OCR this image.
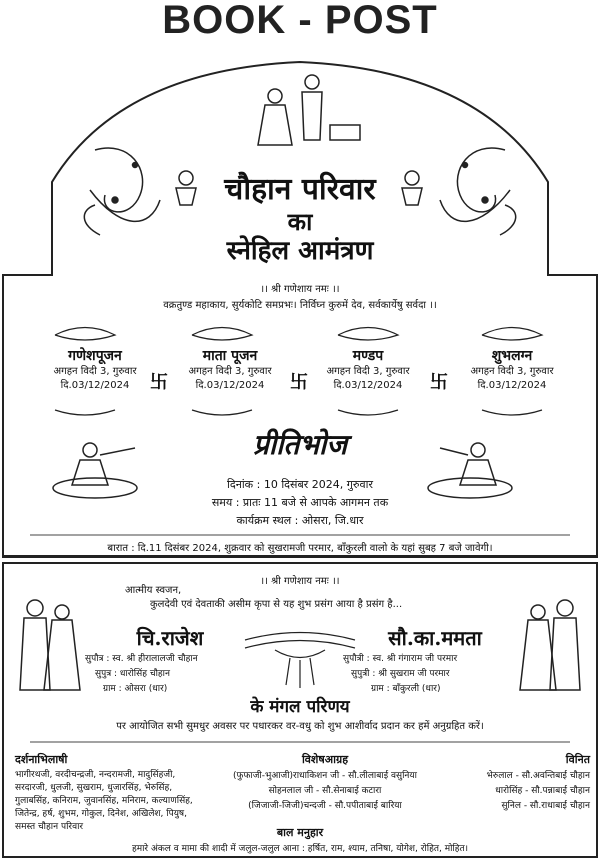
BOOK - POST
चौहान परिवार
का
स्नेहिल आमंत्रण
।। श्री गणेशाय नमः ।।
वक्रतुण्ड महाकाय, सुर्यकोटि समप्रभः। निर्विघ्न कुरुमें देव, सर्वकार्येषु सर्वदा ।।
गणेशपूजन
अगहन विदी 3, गुरुवार
दि.03/12/2024	卐
माता पूजन
अगहन विदी 3, गुरुवार
दि.03/12/2024	卐
मण्डप
अगहन विदी 3, गुरुवार
दि.03/12/2024	卐
शुभलग्न
अगहन विदी 3, गुरुवार
दि.03/12/2024
प्रीतिभोज
दिनांक : 10 दिसंबर 2024, गुरुवार
समय : प्रातः 11 बजे से आपके आगमन तक
कार्यक्रम स्थल : ओसरा, जि.धार
बारात : दि.11 दिसंबर 2024, शुक्रवार को सुखरामजी परमार, बाँकुरली वालो के यहां सुबह 7 बजे जावेगी।
।। श्री गणेशाय नमः ।।
आत्मीय स्वजन,
कुलदेवी एवं देवताकी असीम कृपा से यह शुभ प्रसंग आया है प्रसंग है...
चि.राजेश
सुपौत्र : स्व. श्री हीरालालजी चौहान
सुपुत्र : धारोसिंह चौहान
ग्राम : ओसरा (धार)
सौ.का.ममता
सुपौत्री : स्व. श्री गंगाराम जी परमार
सुपुत्री : श्री सुखराम जी परमार
ग्राम : बाँकुरली (धार)
के मंगल परिणय
पर आयोजित सभी सुमधुर अवसर पर पधारकर वर-वधु को शुभ आशीर्वाद प्रदान कर हमें अनुग्रहित करें।
दर्शनाभिलाषी
भागीरथजी, वरदीचन्द्रजी, नन्दरामजी, मादुसिंहजी,
सरदारजी, धुलजी, सुखराम, धुजारसिंह, भेरुसिंह,
गुलाबसिंह, कनिराम, जुवानसिंह, मनिराम, कल्याणसिंह,
जितेन्द्र, हर्ष, शुभम, गोकुल, दिनेश, अखिलेश, पियुष,
समस्त चौहान परिवार
विशेषआग्रह
(फुफाजी-भुआजी)राधाकिशन जी - सौ.लीलाबाई वसुनिया
सोहनलाल जी - सौ.सेनाबाई कटारा
(जिजाजी-जिजी)चन्दजी - सौ.पपीताबाई बारिया
विनित
भेरुलाल - सौ.अवन्तिबाई चौहान
धारोसिंह - सौ.पन्नाबाई चौहान
सुनिल - सौ.राधाबाई चौहान
बाल मनुहार
हमारे अंकल व मामा की शादी में जलुल-जलुल आना : हर्षित, राम, श्याम, तनिषा, योगेश, रोहित, मोहित।
